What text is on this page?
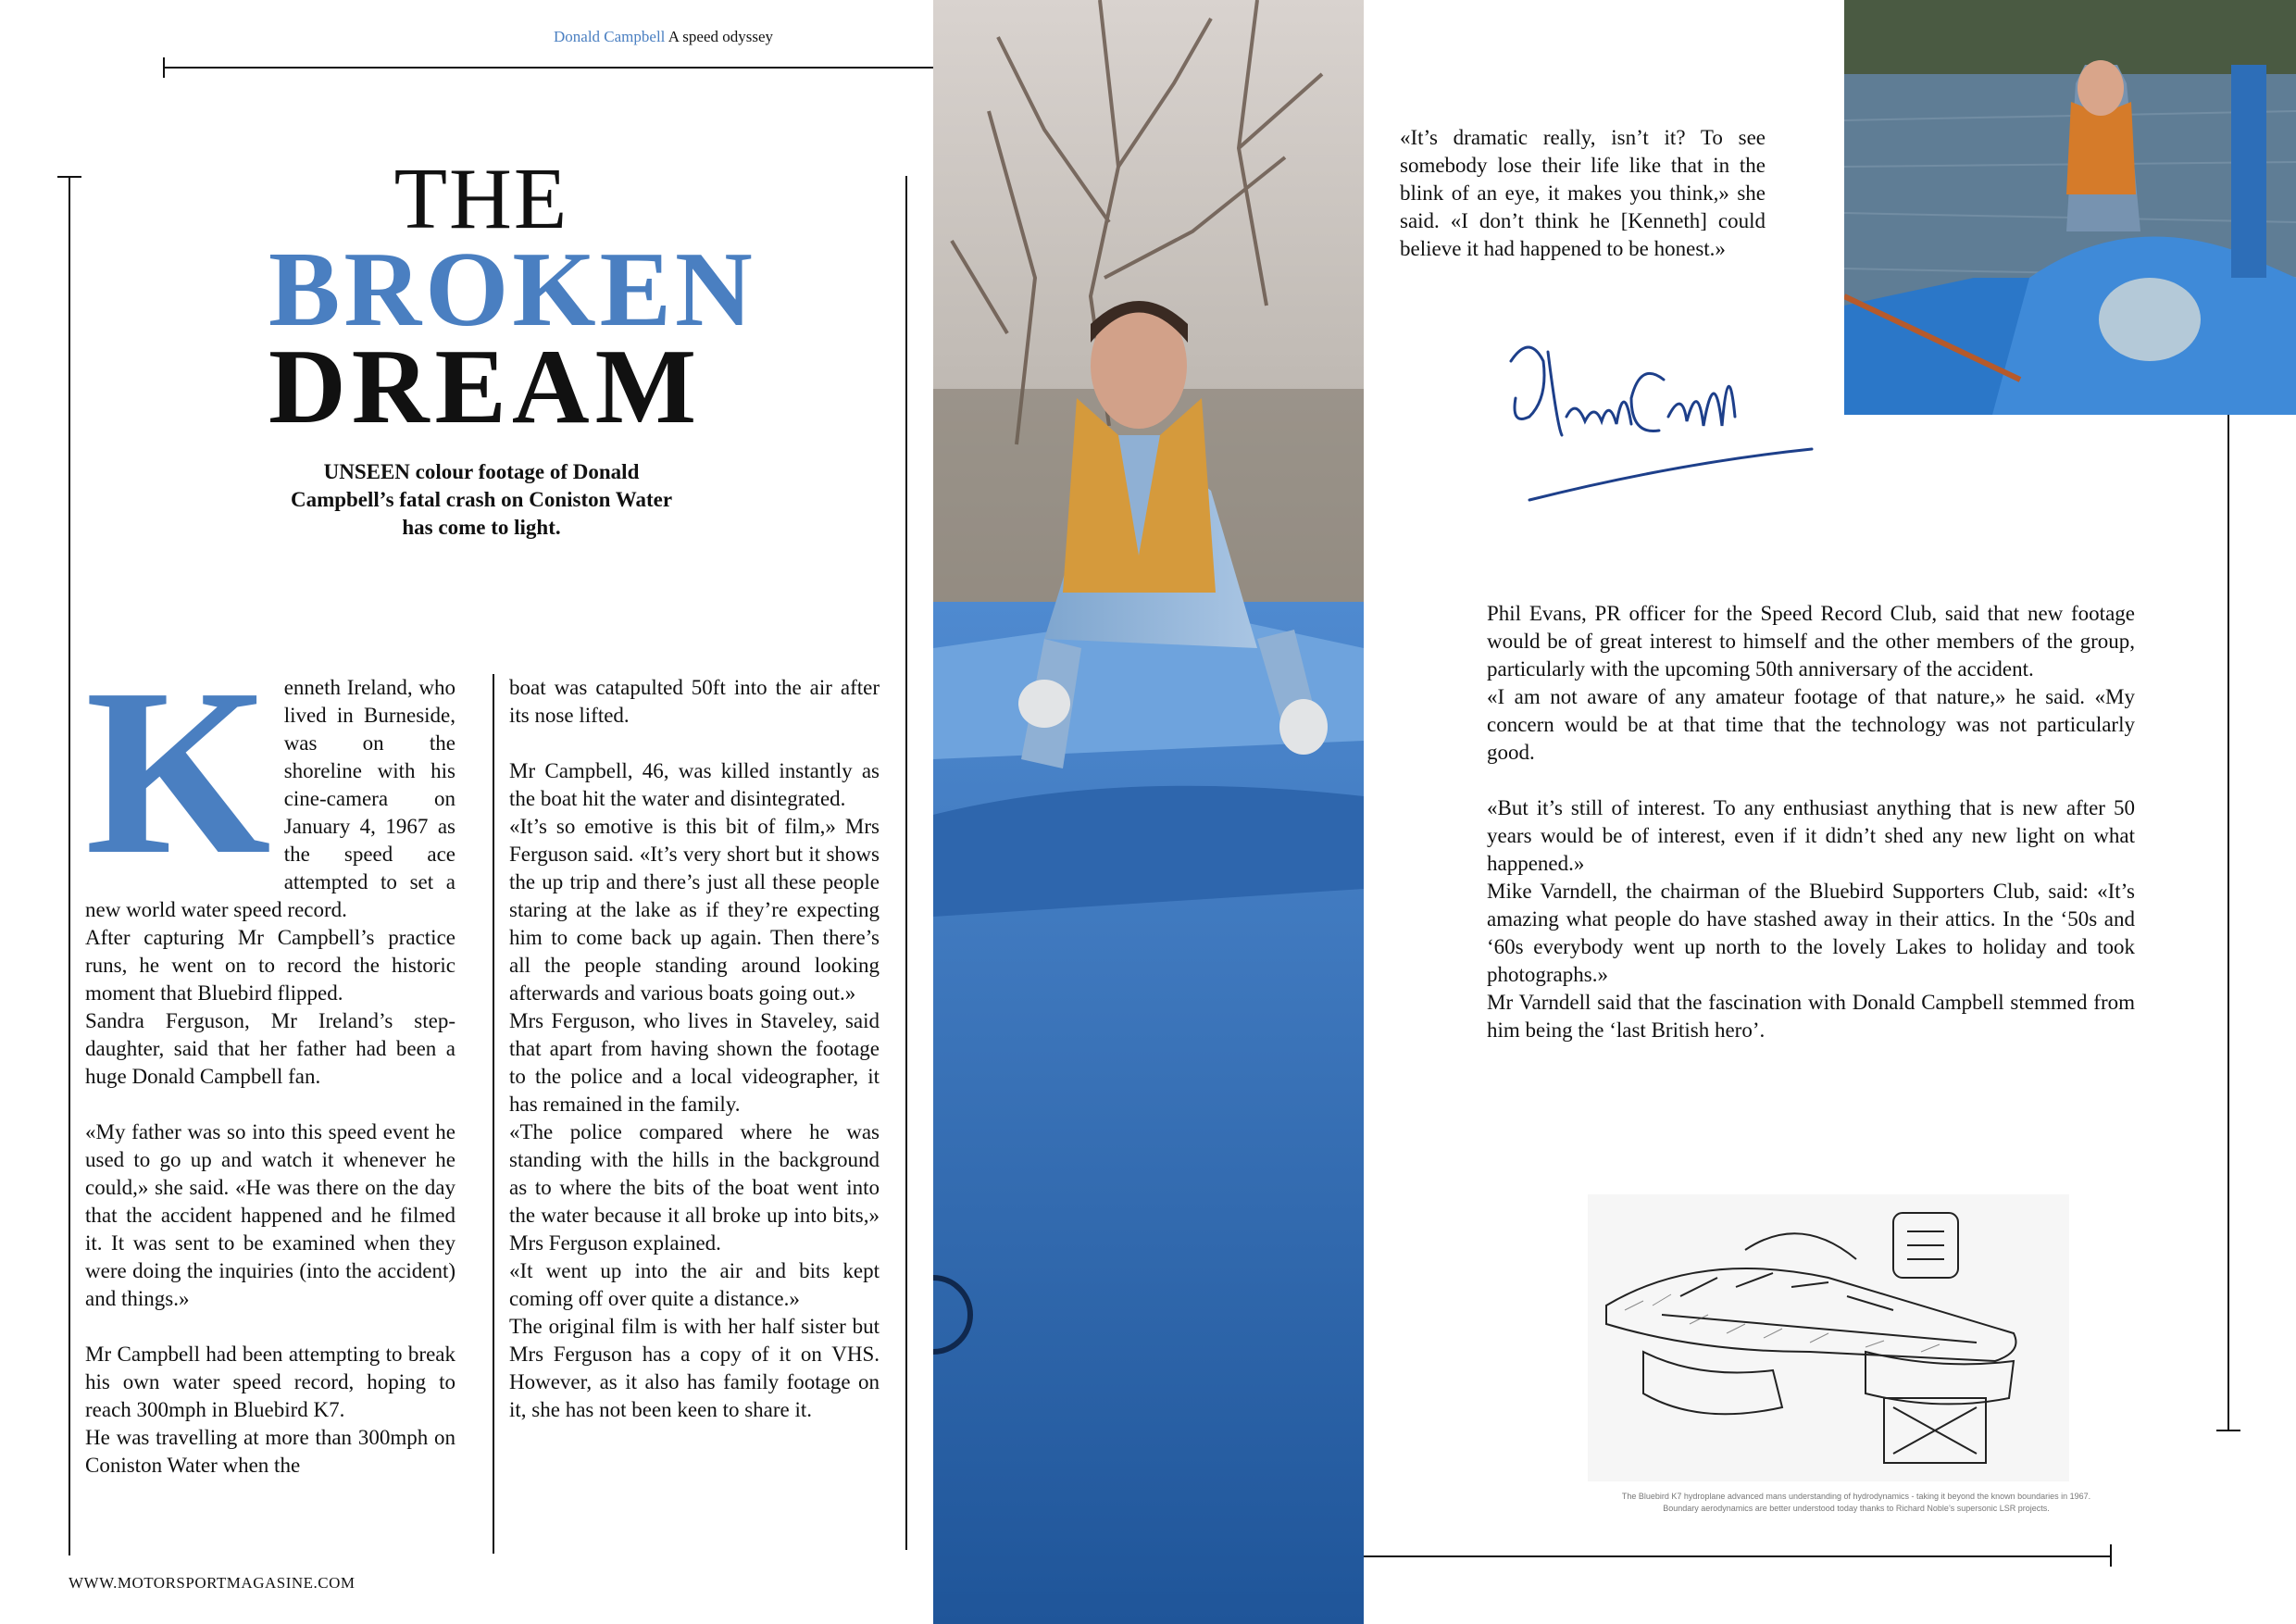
Donald Campbell A speed odyssey
THE
BROKEN
DREAM
UNSEEN colour footage of Donald Campbell’s fatal crash on Coniston Water has come to light.
K enneth Ireland, who lived in Burneside, was on the shoreline with his cine-camera on January 4, 1967 as the speed ace attempted to set a new world water speed record.

After capturing Mr Campbell’s practice runs, he went on to record the historic moment that Bluebird flipped.

Sandra Ferguson, Mr Ireland’s step-daughter, said that her father had been a huge Donald Campbell fan.

«My father was so into this speed event he used to go up and watch it whenever he could,» she said. «He was there on the day that the accident happened and he filmed it. It was sent to be examined when they were doing the inquiries (into the accident) and things.»

Mr Campbell had been attempting to break his own water speed record, hoping to reach 300mph in Bluebird K7.

He was travelling at more than 300mph on Coniston Water when the

boat was catapulted 50ft into the air after its nose lifted.

Mr Campbell, 46, was killed instantly as the boat hit the water and disintegrated.

«It’s so emotive is this bit of film,» Mrs Ferguson said. «It’s very short but it shows the up trip and there’s just all these people staring at the lake as if they’re expecting him to come back up again. Then there’s all the people standing around looking afterwards and various boats going out.»

Mrs Ferguson, who lives in Staveley, said that apart from having shown the footage to the police and a local videographer, it has remained in the family.

«The police compared where he was standing with the hills in the background as to where the bits of the boat went into the water because it all broke up into bits,» Mrs Ferguson explained.

«It went up into the air and bits kept coming off over quite a distance.»

The original film is with her half sister but Mrs Ferguson has a copy of it on VHS. However, as it also has family footage on it, she has not been keen to share it.

«It’s dramatic really, isn’t it? To see somebody lose their life like that in the blink of an eye, it makes you think,» she said. «I don’t think he [Kenneth] could believe it had happened to be honest.»

Donald Campbell

Phil Evans, PR officer for the Speed Record Club, said that new footage would be of great interest to himself and the other members of the group, particularly with the upcoming 50th anniversary of the accident.

«I am not aware of any amateur footage of that nature,» he said. «My concern would be at that time that the technology was not particularly good.

«But it’s still of interest. To any enthusiast anything that is new after 50 years would be of interest, even if it didn’t shed any new light on what happened.»

Mike Varndell, the chairman of the Bluebird Supporters Club, said: «It’s amazing what people do have stashed away in their attics. In the ‘50s and ‘60s everybody went up north to the lovely Lakes to holiday and took photographs.»

Mr Varndell said that the fascination with Donald Campbell stemmed from him being the ‘last British hero’.

The Bluebird K7 hydroplane advanced mans understanding of hydrodynamics - taking it beyond the known boundaries in 1967. Boundary aerodynamics are better understood today thanks to Richard Noble’s supersonic LSR projects.
WWW.MOTORSPORTMAGASINE.COM
